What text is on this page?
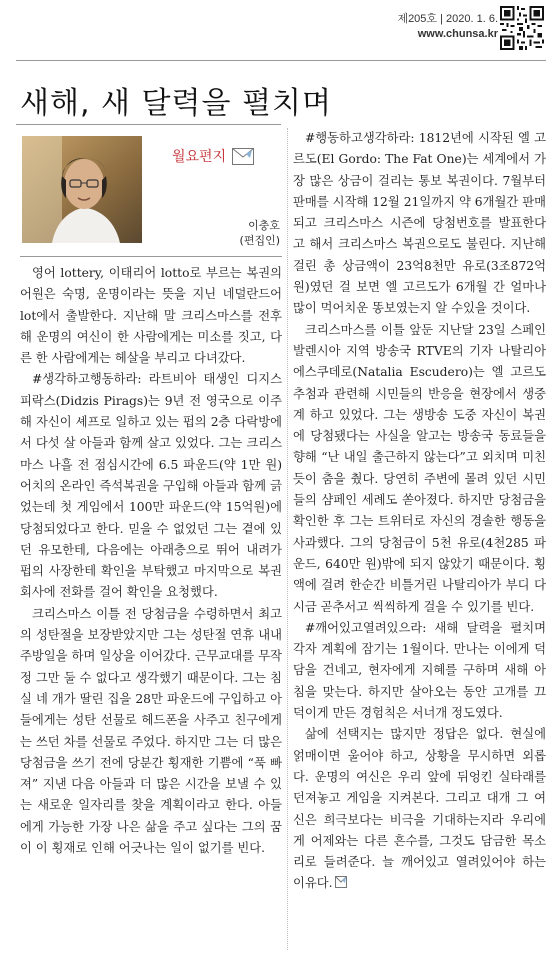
제205호 | 2020. 1. 6.
www.chunsa.kr
새해, 새 달력을 펼치며
월요편지
이충호
(편집인)

영어 lottery, 이태리어 lotto로 부르는 복권의 어원은 숙명, 운명이라는 뜻을 지닌 네덜란드어 lot에서 출발한다. 지난해 말 크리스마스를 전후해 운명의 여신이 한 사람에게는 미소를 짓고, 다른 한 사람에게는 헤살을 부리고 다녀갔다.

#생각하고행동하라: 라트비아 태생인 디지스 피락스(Didzis Pirags)는 9년 전 영국으로 이주해 자신이 셰프로 일하고 있는 펍의 2층 다락방에서 다섯 살 아들과 함께 살고 있었다. 그는 크리스마스 나흘 전 점심시간에 6.5 파운드(약 1만 원) 어치의 온라인 즉석복권을 구입해 아들과 함께 긁었는데 첫 게임에서 100만 파운드(약 15억원)에 당첨되었다고 한다. 믿을 수 없었던 그는 곁에 있던 유모한테, 다음에는 아래층으로 뛰어 내려가 펍의 사장한테 확인을 부탁했고 마지막으로 복권 회사에 전화를 걸어 확인을 요청했다.

크리스마스 이틀 전 당첨금을 수령하면서 최고의 성탄절을 보장받았지만 그는 성탄절 연휴 내내 주방일을 하며 일상을 이어갔다. 근무교대를 무작정 그만 둘 수 없다고 생각했기 때문이다. 그는 침실 네 개가 딸린 집을 28만 파운드에 구입하고 아들에게는 성탄 선물로 헤드폰을 사주고 친구에게는 쓰던 차를 선물로 주었다. 하지만 그는 더 많은 당첨금을 쓰기 전에 당분간 횡재한 기쁨에 “푹 빠져” 지낸 다음 아들과 더 많은 시간을 보낼 수 있는 새로운 일자리를 찾을 계획이라고 한다. 아들에게 가능한 가장 나은 삶을 주고 싶다는 그의 꿈이 이 횡재로 인해 어긋나는 일이 없기를 빈다.

#행동하고생각하라: 1812년에 시작된 엘 고르도(El Gordo: The Fat One)는 세계에서 가장 많은 상금이 걸리는 통보 복권이다. 7월부터 판매를 시작해 12월 21일까지 약 6개월간 판매되고 크리스마스 시즌에 당첨번호를 발표한다고 해서 크리스마스 복권으로도 불린다. 지난해 걸린 총 상금액이 23억8천만 유로(3조872억 원)였던 걸 보면 엘 고르도가 6개월 간 얼마나 많이 먹어치운 똥보였는지 알 수있을 것이다.

크리스마스를 이틀 앞둔 지난달 23일 스페인 발렌시아 지역 방송국 RTVE의 기자 나탈리아 에스쿠데로(Natalia Escudero)는 엘 고르도 추첨과 관련해 시민들의 반응을 현장에서 생중계 하고 있었다. 그는 생방송 도중 자신이 복권에 당첨됐다는 사실을 알고는 방송국 동료들을 향해 “난 내일 출근하지 않는다”고 외치며 미친 듯이 춤을 췄다. 당연히 주변에 몰려 있던 시민들의 샴페인 세례도 쏟아졌다. 하지만 당첨금을 확인한 후 그는 트위터로 자신의 경솔한 행동을 사과했다. 그의 당첨금이 5천 유로(4천285 파운드, 640만 원)밖에 되지 않았기 때문이다. 횡액에 걸려 한순간 비틀거린 나탈리아가 부디 다시금 곧추서고 씩씩하게 걸을 수 있기를 빈다.

#깨어있고열려있으라: 새해 달력을 펼치며 각자 계획에 잠기는 1월이다. 만나는 이에게 덕담을 건네고, 현자에게 지혜를 구하며 새해 아침을 맞는다. 하지만 살아오는 동안 고개를 끄덕이게 만든 경험칙은 서너개 정도였다.

삶에 선택지는 많지만 정답은 없다. 현실에 얽매이면 울어야 하고, 상황을 무시하면 외롭다. 운명의 여신은 우리 앞에 뒤엉킨 실타래를 던져놓고 게임을 지켜본다. 그리고 대개 그 여신은 희극보다는 비극을 기대하는지라 우리에게 어제와는 다른 흔수를, 그것도 담금한 목소리로 들려준다. 늘 깨어있고 열려있어야 하는 이유다.
